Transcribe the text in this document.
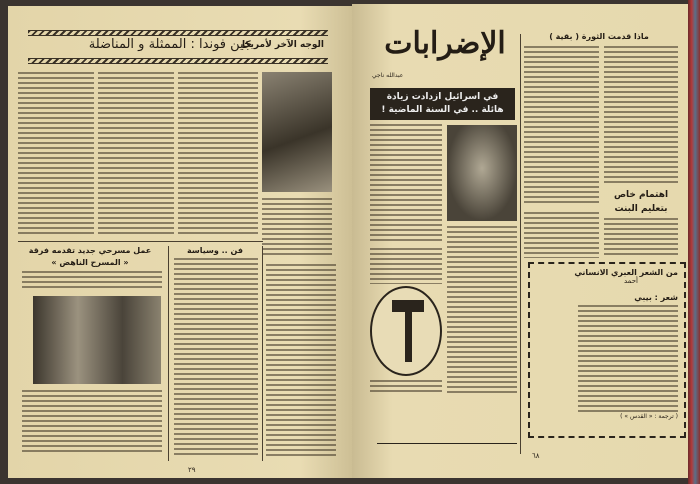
الوجه الآخر لأمريكا
جين فوندا : الممثلة و المناضلة
عمل مسرحي جديد تقدمه فرقة
« المسرح الناهض »
فن .. وسياسة
٢٩
الإضرابات
عبدالله ناجي
في اسرائيل ازدادت زيادة
هائلة .. في السنة الماضية !
ماذا قدمت الثورة ( بقية )
اهتمام خاص
بتعليم البنت
من الشعر العبري الانساني
أحمد
شعر : بيبي
( ترجمة : « القدس » )
٦٨
